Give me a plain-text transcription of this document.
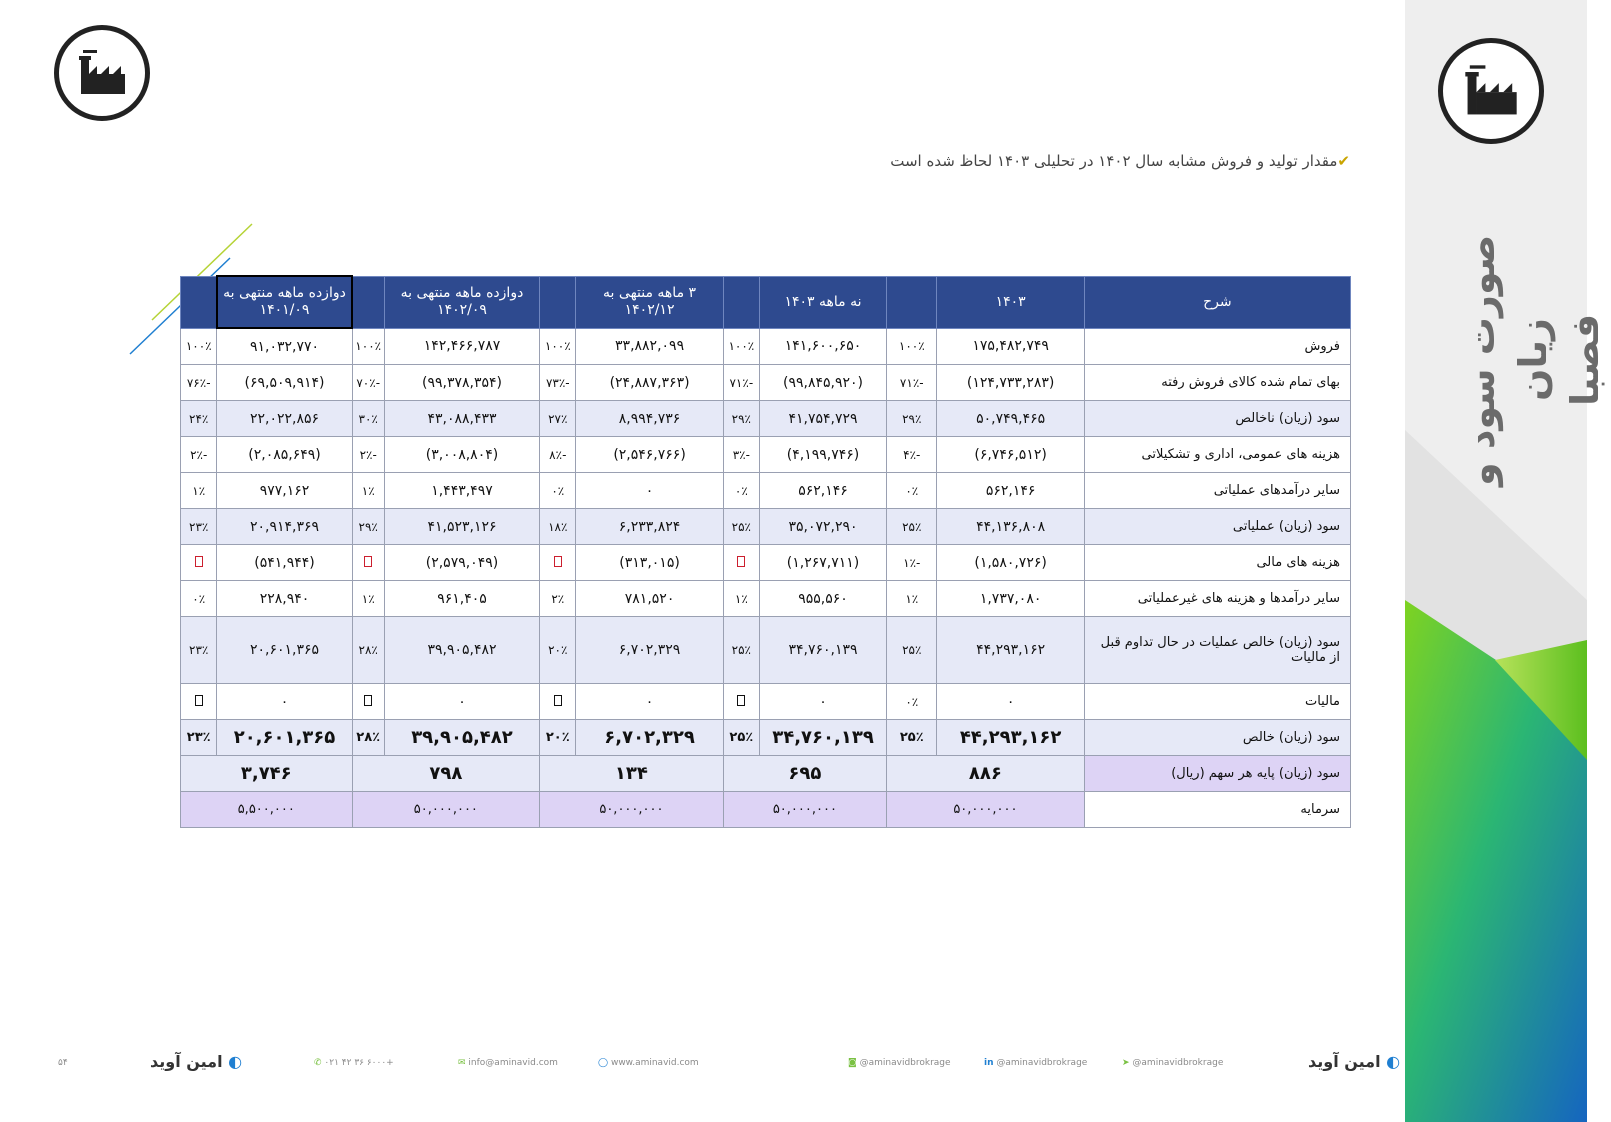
صورت سود و زیان فصبا
✔مقدار تولید و فروش مشابه سال ۱۴۰۲ در تحلیلی ۱۴۰۳ لحاظ شده است
شرح	۱۴۰۳		نه ماهه ۱۴۰۳		۳ ماهه منتهی به ۱۴۰۲/۱۲		دوازده ماهه منتهی به ۱۴۰۲/۰۹		دوازده ماهه منتهی به ۱۴۰۱/۰۹	
فروش	۱۷۵,۴۸۲,۷۴۹	۱۰۰٪	۱۴۱,۶۰۰,۶۵۰	۱۰۰٪	۳۳,۸۸۲,۰۹۹	۱۰۰٪	۱۴۲,۴۶۶,۷۸۷	۱۰۰٪	۹۱,۰۳۲,۷۷۰	۱۰۰٪
بهای تمام شده کالای فروش رفته	(۱۲۴,۷۳۳,۲۸۳)	-۷۱٪	(۹۹,۸۴۵,۹۲۰)	-۷۱٪	(۲۴,۸۸۷,۳۶۳)	-۷۳٪	(۹۹,۳۷۸,۳۵۴)	-۷۰٪	(۶۹,۵۰۹,۹۱۴)	-۷۶٪
سود (زیان) ناخالص	۵۰,۷۴۹,۴۶۵	۲۹٪	۴۱,۷۵۴,۷۲۹	۲۹٪	۸,۹۹۴,۷۳۶	۲۷٪	۴۳,۰۸۸,۴۳۳	۳۰٪	۲۲,۰۲۲,۸۵۶	۲۴٪
هزینه های عمومی، اداری و تشکیلاتی	(۶,۷۴۶,۵۱۲)	-۴٪	(۴,۱۹۹,۷۴۶)	-۳٪	(۲,۵۴۶,۷۶۶)	-۸٪	(۳,۰۰۸,۸۰۴)	-۲٪	(۲,۰۸۵,۶۴۹)	-۲٪
سایر درآمدهای عملیاتی	۵۶۲,۱۴۶	۰٪	۵۶۲,۱۴۶	۰٪	۰	۰٪	۱,۴۴۳,۴۹۷	۱٪	۹۷۷,۱۶۲	۱٪
سود (زیان) عملیاتی	۴۴,۱۳۶,۸۰۸	۲۵٪	۳۵,۰۷۲,۲۹۰	۲۵٪	۶,۲۳۳,۸۲۴	۱۸٪	۴۱,۵۲۳,۱۲۶	۲۹٪	۲۰,۹۱۴,۳۶۹	۲۳٪
هزینه های مالی	(۱,۵۸۰,۷۲۶)	-۱٪	(۱,۲۶۷,۷۱۱)		(۳۱۳,۰۱۵)		(۲,۵۷۹,۰۴۹)		(۵۴۱,۹۴۴)	
سایر درآمدها و هزینه های غیرعملیاتی	۱,۷۳۷,۰۸۰	۱٪	۹۵۵,۵۶۰	۱٪	۷۸۱,۵۲۰	۲٪	۹۶۱,۴۰۵	۱٪	۲۲۸,۹۴۰	۰٪
سود (زیان) خالص عملیات در حال تداوم قبل از مالیات	۴۴,۲۹۳,۱۶۲	۲۵٪	۳۴,۷۶۰,۱۳۹	۲۵٪	۶,۷۰۲,۳۲۹	۲۰٪	۳۹,۹۰۵,۴۸۲	۲۸٪	۲۰,۶۰۱,۳۶۵	۲۳٪
مالیات	۰	۰٪	۰		۰		۰		۰	
سود (زیان) خالص	۴۴,۲۹۳,۱۶۲	۲۵٪	۳۴,۷۶۰,۱۳۹	۲۵٪	۶,۷۰۲,۳۲۹	۲۰٪	۳۹,۹۰۵,۴۸۲	۲۸٪	۲۰,۶۰۱,۳۶۵	۲۳٪
سود (زیان) پایه هر سهم (ریال)	۸۸۶		۶۹۵		۱۳۴		۷۹۸		۳,۷۴۶	
سرمایه	۵۰,۰۰۰,۰۰۰		۵۰,۰۰۰,۰۰۰		۵۰,۰۰۰,۰۰۰		۵۰,۰۰۰,۰۰۰		۵,۵۰۰,۰۰۰	
۵۴	امین آوید ◐	✆ ۰۲۱ ۴۲ ۳۶ ۶۰۰۰+	✉ info@aminavid.com	◯ www.aminavid.com	◙ @aminavidbrokrage	in @aminavidbrokrage	➤ @aminavidbrokrage	امین آوید ◐
